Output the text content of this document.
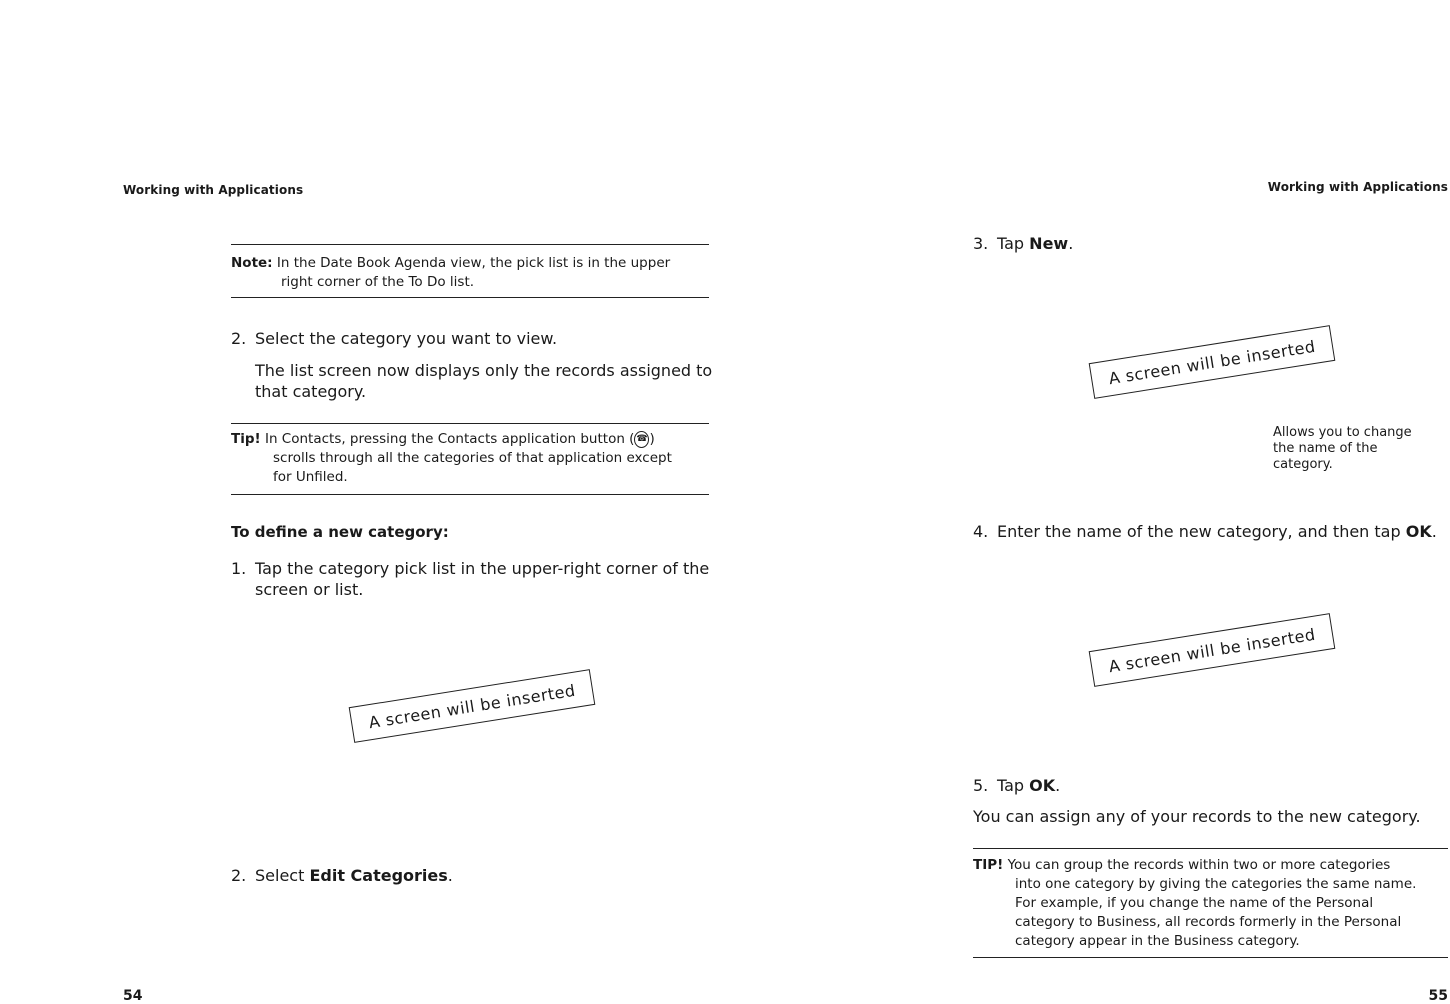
Working with Applications
Note: In the Date Book Agenda view, the pick list is in the upper
right corner of the To Do list.
2. Select the category you want to view.
The list screen now displays only the records assigned to
that category.
Tip! In Contacts, pressing the Contacts application button ( ☎ )
scrolls through all the categories of that application except
for Unfiled.
To define a new category:
1. Tap the category pick list in the upper-right corner of the
screen or list.
A screen will be inserted
2. Select Edit Categories.
54
Working with Applications
3. Tap New.
A screen will be inserted
Allows you to change
the name of the
category.
4. Enter the name of the new category, and then tap OK.
A screen will be inserted
5. Tap OK.
You can assign any of your records to the new category.
TIP! You can group the records within two or more categories
into one category by giving the categories the same name.
For example, if you change the name of the Personal
category to Business, all records formerly in the Personal
category appear in the Business category.
55
